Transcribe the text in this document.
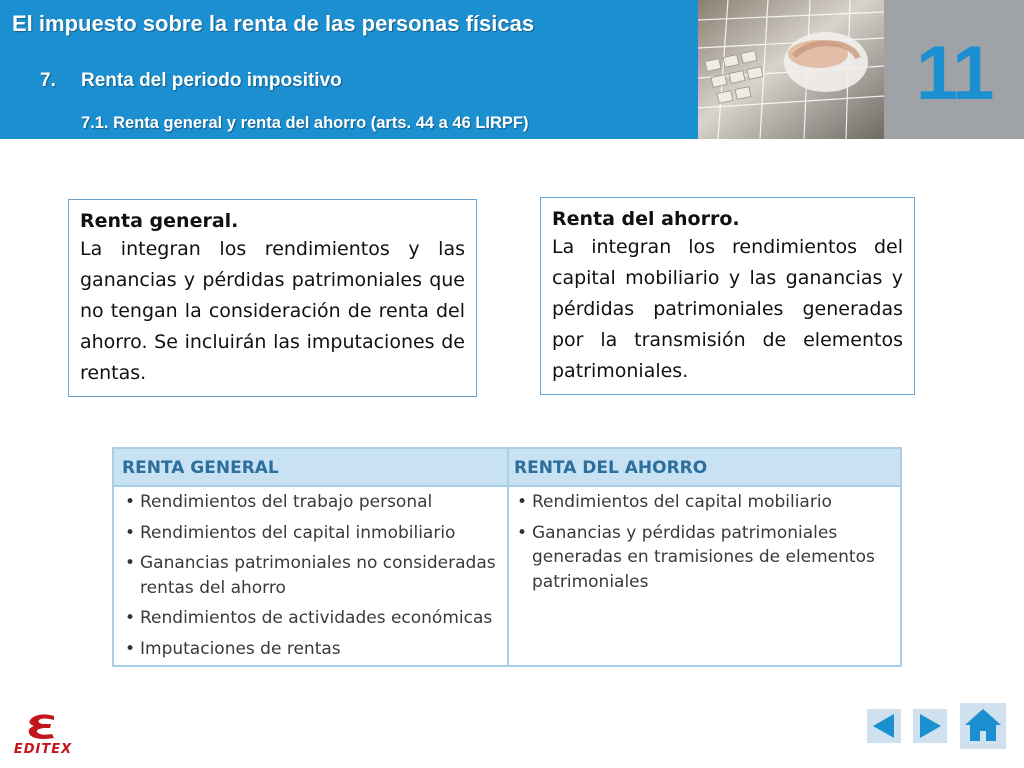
El impuesto sobre la renta de las personas físicas
7. Renta del periodo impositivo
7.1. Renta general y renta del ahorro (arts. 44 a 46 LIRPF)
11
Renta general.
La integran los rendimientos y las ganancias y pérdidas patrimoniales que no tengan la consideración de renta del ahorro. Se incluirán las imputaciones de rentas.
Renta del ahorro.
La integran los rendimientos del capital mobiliario y las ganancias y pérdidas patrimoniales generadas por la transmisión de elementos patrimoniales.
RENTA GENERAL	RENTA DEL AHORRO
• Rendimientos del trabajo personal
• Rendimientos del capital inmobiliario
• Ganancias patrimoniales no consideradas rentas del ahorro
• Rendimientos de actividades económicas
• Imputaciones de rentas
• Rendimientos del capital mobiliario
• Ganancias y pérdidas patrimoniales generadas en tramisiones de elementos patrimoniales
EDITEX
